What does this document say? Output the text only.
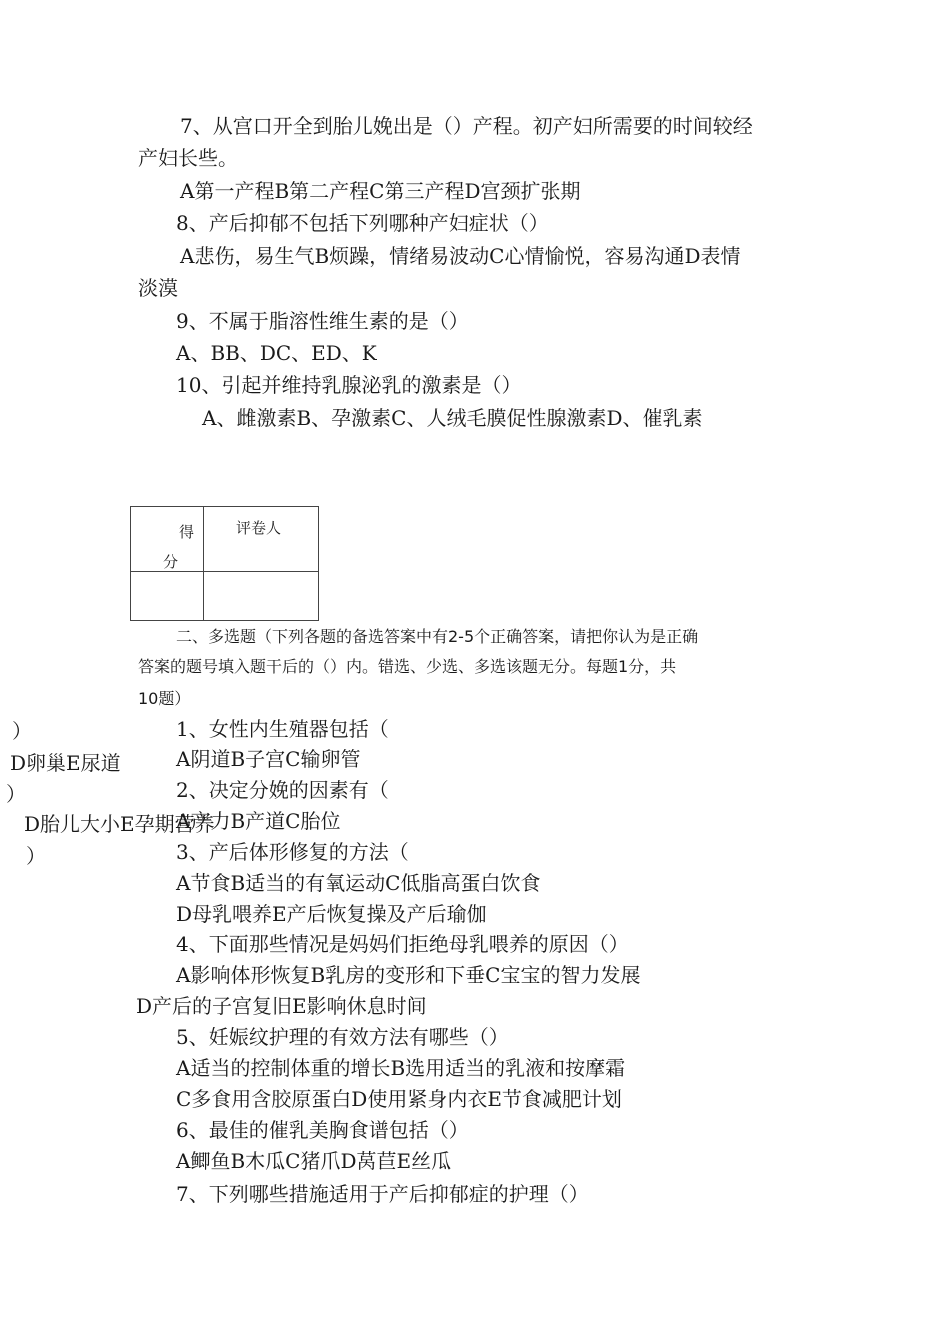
7、从宫口开全到胎儿娩出是（）产程。初产妇所需要的时间较经
产妇长些。
A第一产程B第二产程C第三产程D宫颈扩张期
8、产后抑郁不包括下列哪种产妇症状（）
A悲伤，易生气B烦躁，情绪易波动C心情愉悦，容易沟通D表情
淡漠
9、不属于脂溶性维生素的是（）
A、BB、DC、ED、K
10、引起并维持乳腺泌乳的激素是（）
A、雌激素B、孕激素C、人绒毛膜促性腺激素D、催乳素
得
分	评卷人

二、多选题（下列各题的备选答案中有2-5个正确答案，请把你认为是正确
答案的题号填入题干后的（）内。错选、少选、多选该题无分。每题1分，共
10题）
1、女性内生殖器包括（
A阴道B子宫C输卵管
2、决定分娩的因素有（
A产力B产道C胎位
3、产后体形修复的方法（
A节食B适当的有氧运动C低脂高蛋白饮食
D母乳喂养E产后恢复操及产后瑜伽
4、下面那些情况是妈妈们拒绝母乳喂养的原因（）
A影响体形恢复B乳房的变形和下垂C宝宝的智力发展
D产后的子宫复旧E影响休息时间
5、妊娠纹护理的有效方法有哪些（）
A适当的控制体重的增长B选用适当的乳液和按摩霜
C多食用含胶原蛋白D使用紧身内衣E节食减肥计划
6、最佳的催乳美胸食谱包括（）
A鲫鱼B木瓜C猪爪D莴苣E丝瓜
7、下列哪些措施适用于产后抑郁症的护理（）
）
D卵巢E尿道
）
D胎儿大小E孕期营养
）
